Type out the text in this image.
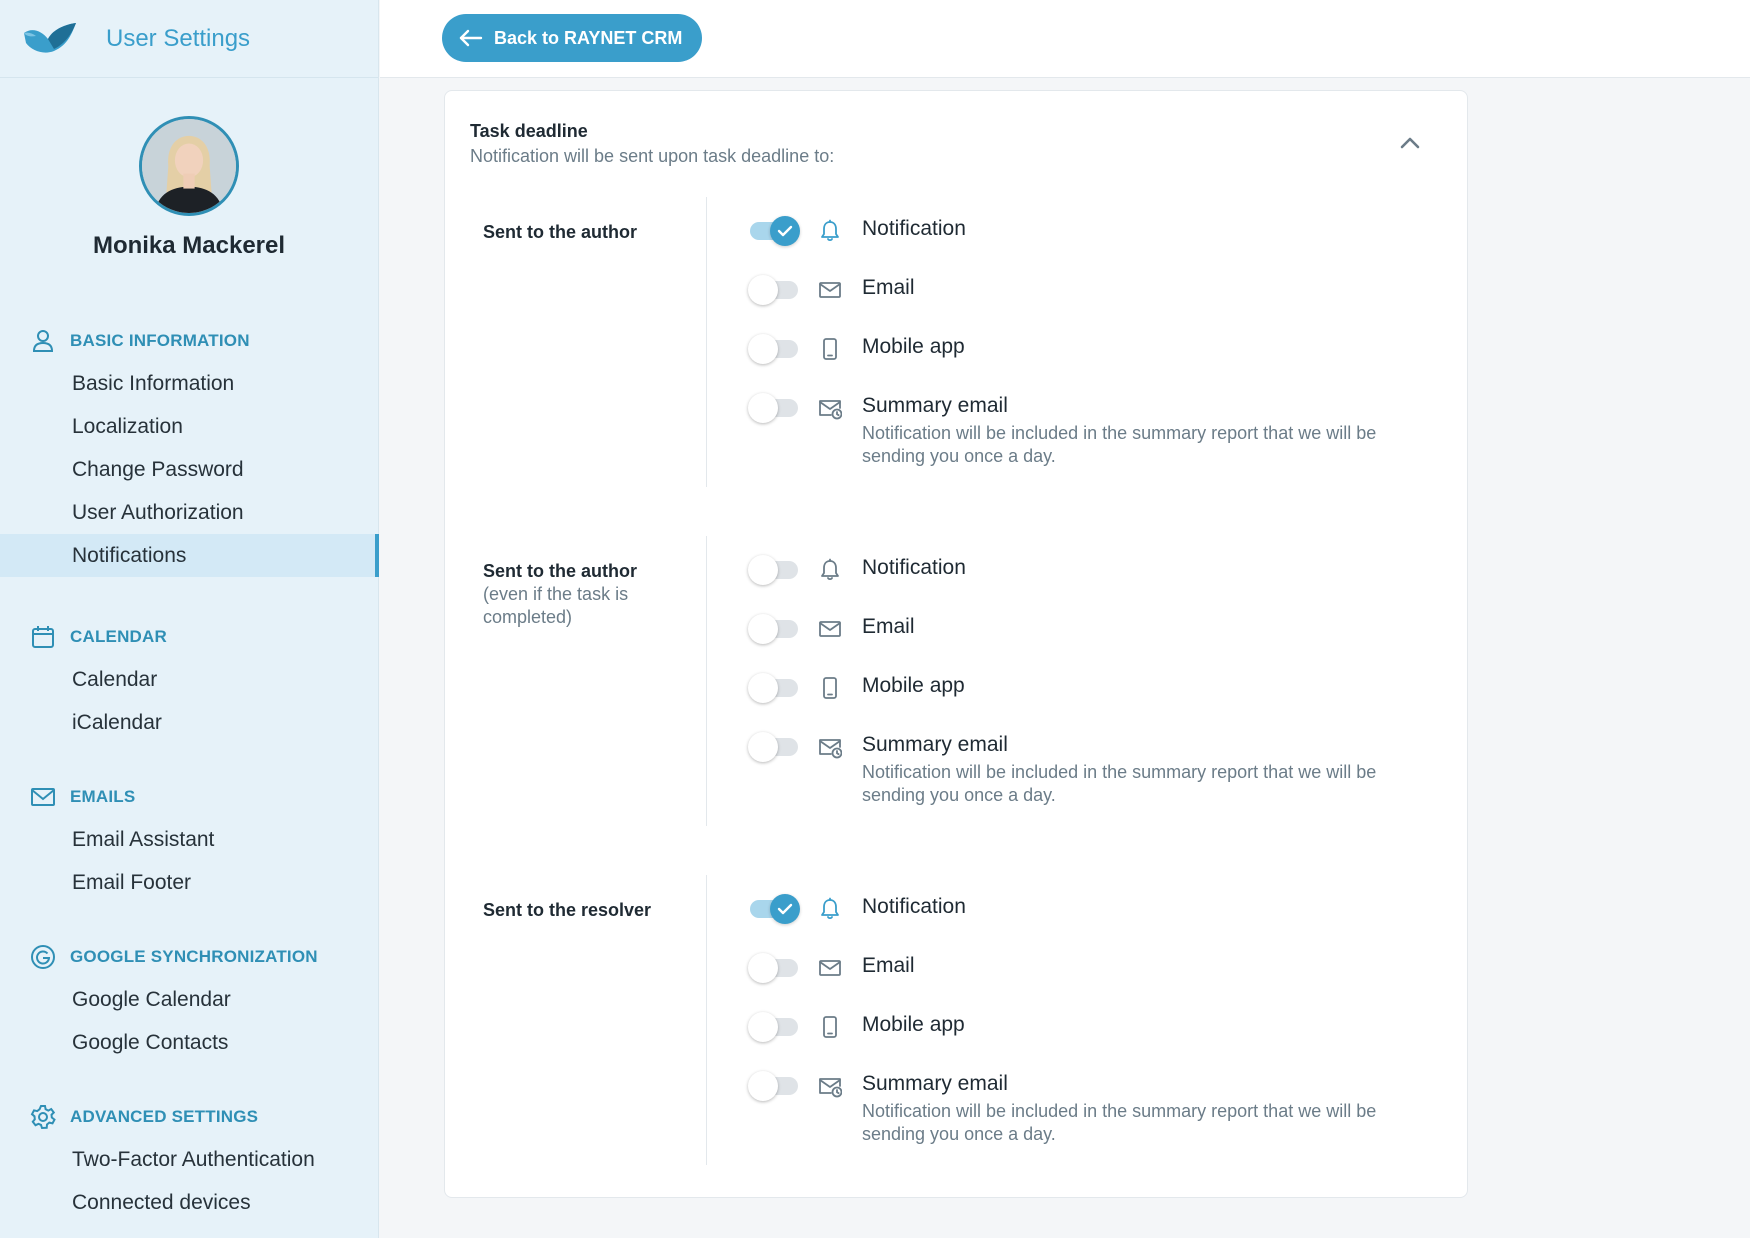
User Settings
Monika Mackerel
BASIC INFORMATION
Basic Information
Localization
Change Password
User Authorization
Notifications
CALENDAR
Calendar
iCalendar
EMAILS
Email Assistant
Email Footer
GOOGLE SYNCHRONIZATION
Google Calendar
Google Contacts
ADVANCED SETTINGS
Two-Factor Authentication
Connected devices
Back to RAYNET CRM
Task deadline
Notification will be sent upon task deadline to:
Sent to the author	Notification
Email
Mobile app
Summary email
Notification will be included in the summary report that we will be sending you once a day.
Sent to the author
(even if the task is completed)
Notification
Email
Mobile app
Summary email
Notification will be included in the summary report that we will be sending you once a day.
Sent to the resolver	Notification
Email
Mobile app
Summary email
Notification will be included in the summary report that we will be sending you once a day.
